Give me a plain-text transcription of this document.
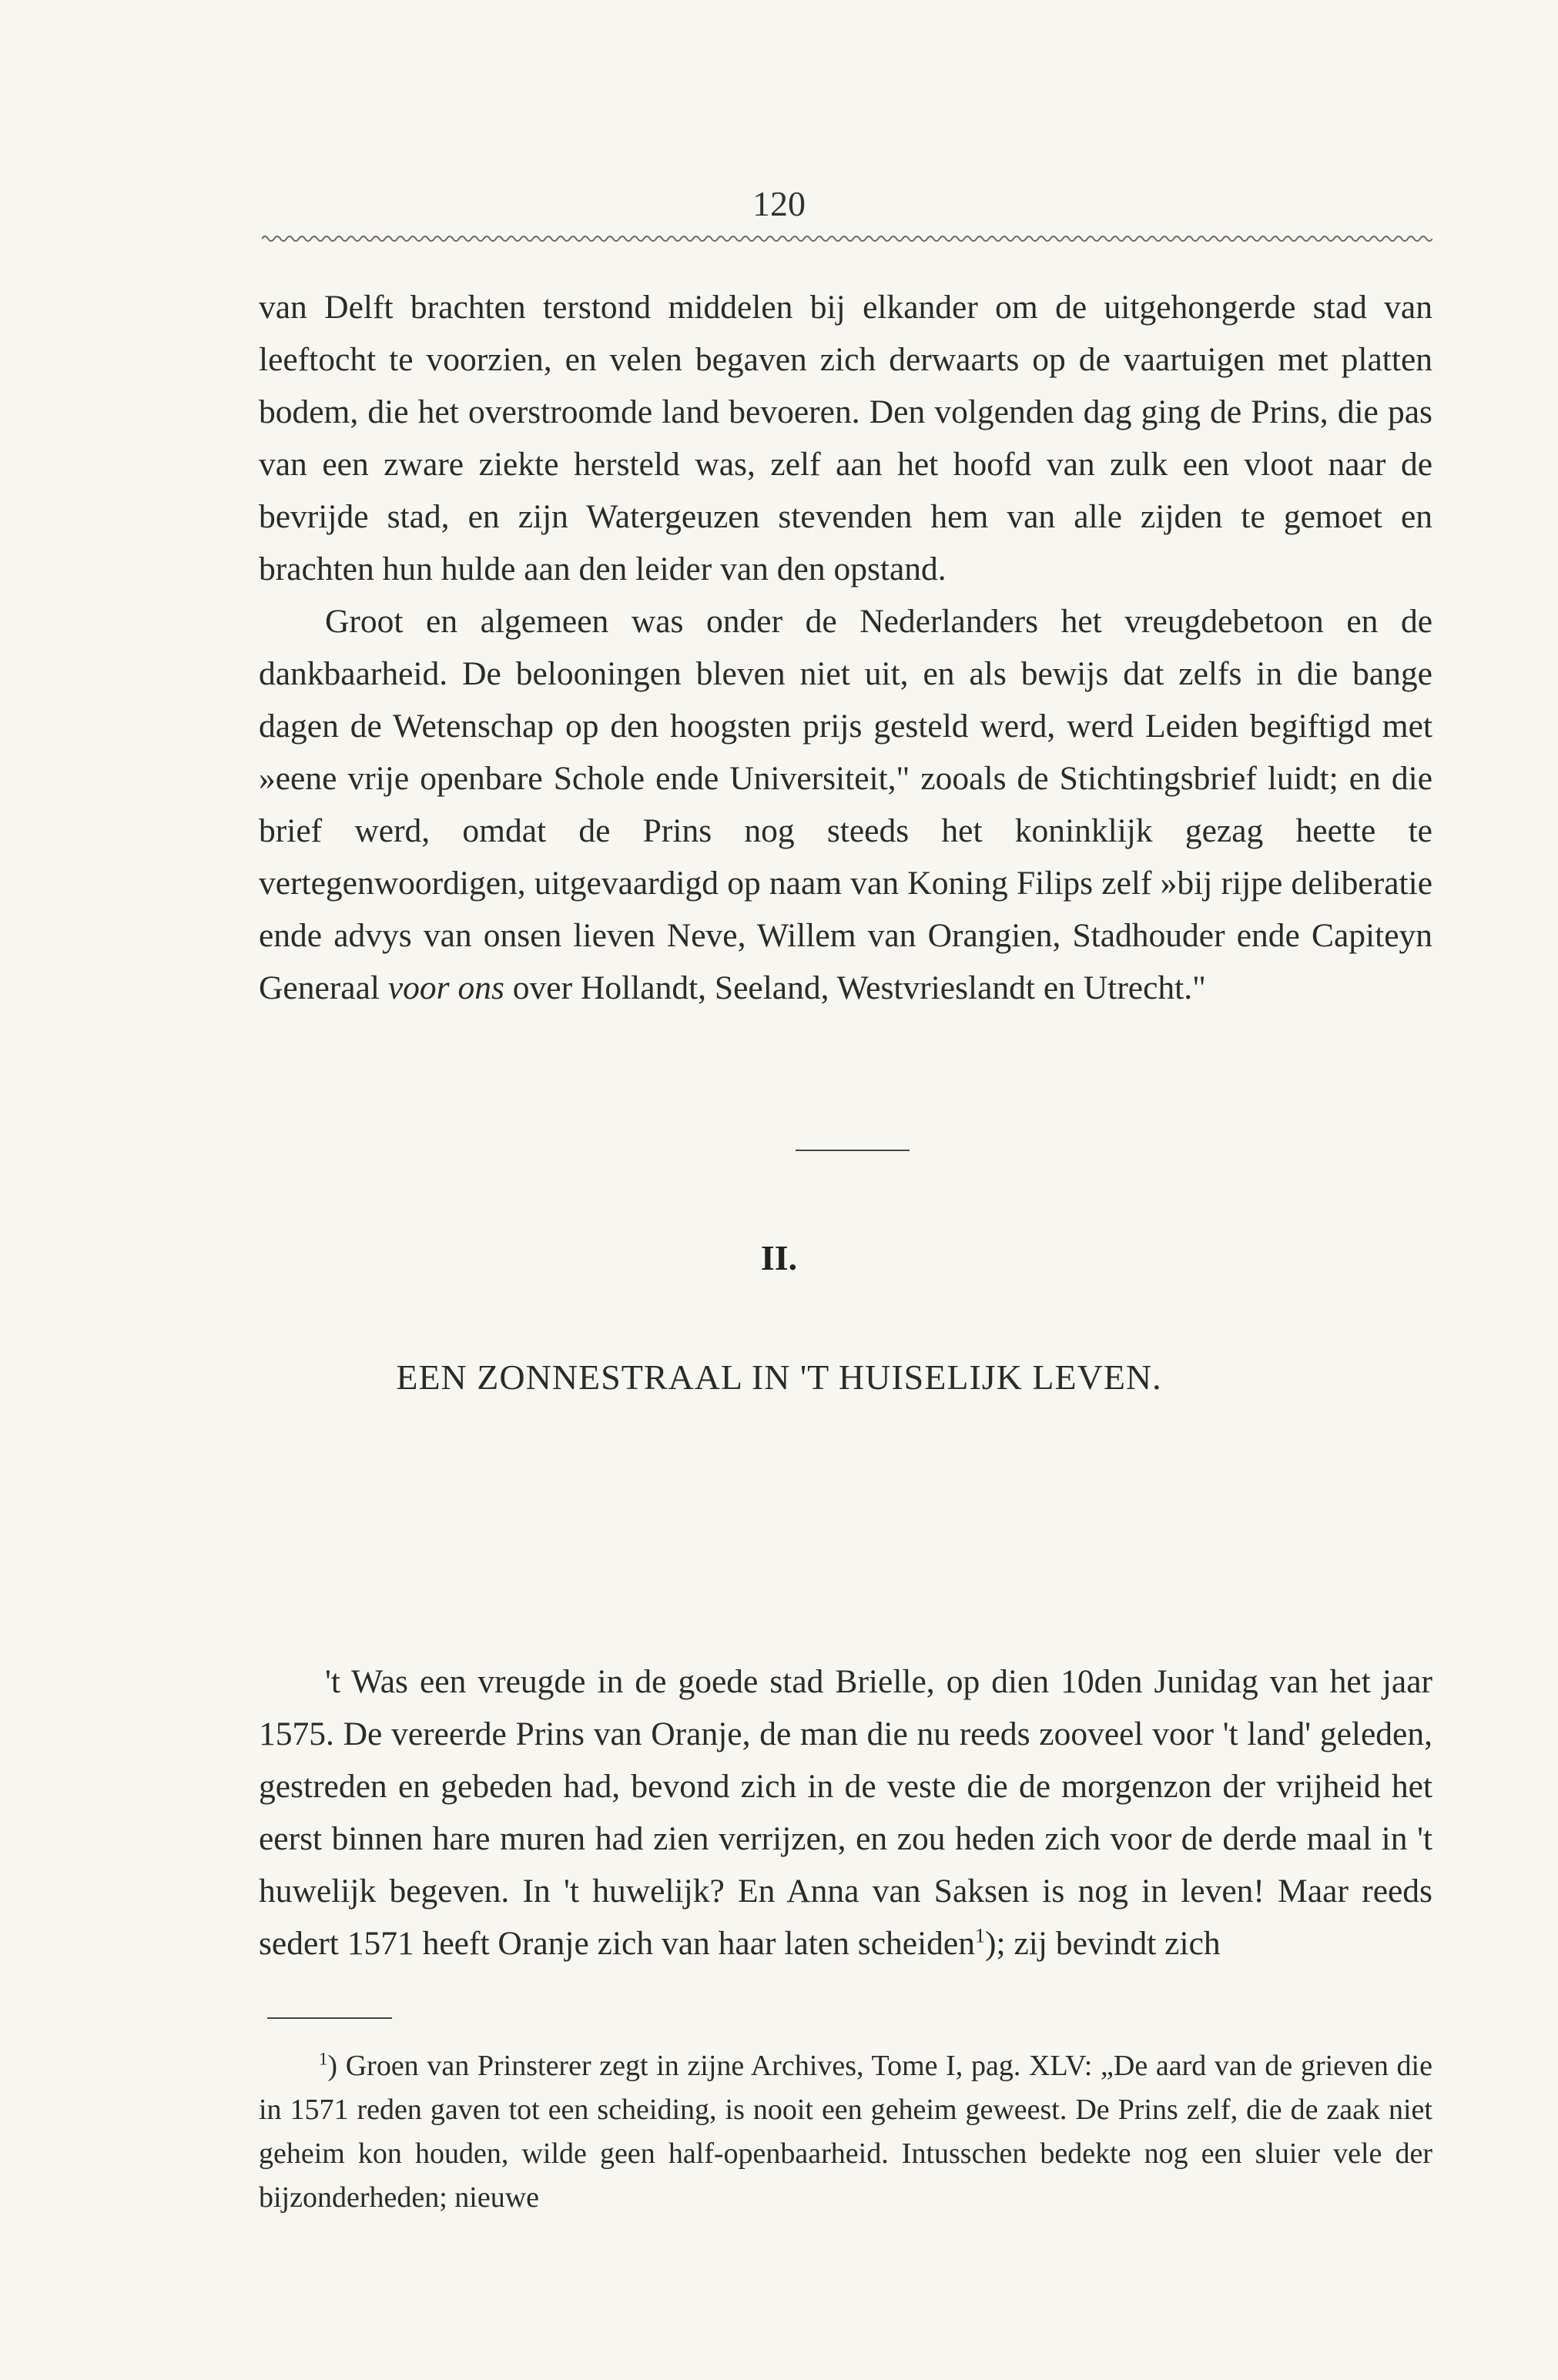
120

van Delft brachten terstond middelen bij elkander om de uitgehongerde stad van leeftocht te voorzien, en velen begaven zich derwaarts op de vaartuigen met platten bodem, die het overstroomde land bevoeren. Den volgenden dag ging de Prins, die pas van een zware ziekte hersteld was, zelf aan het hoofd van zulk een vloot naar de bevrijde stad, en zijn Watergeuzen stevenden hem van alle zijden te gemoet en brachten hun hulde aan den leider van den opstand.

Groot en algemeen was onder de Nederlanders het vreugdebetoon en de dankbaarheid. De belooningen bleven niet uit, en als bewijs dat zelfs in die bange dagen de Wetenschap op den hoogsten prijs gesteld werd, werd Leiden begiftigd met »eene vrije openbare Schole ende Universiteit," zooals de Stichtingsbrief luidt; en die brief werd, omdat de Prins nog steeds het koninklijk gezag heette te vertegenwoordigen, uitgevaardigd op naam van Koning Filips zelf »bij rijpe deliberatie ende advys van onsen lieven Neve, Willem van Orangien, Stadhouder ende Capiteyn Generaal voor ons over Hollandt, Seeland, Westvrieslandt en Utrecht."

II.
EEN ZONNESTRAAL IN 'T HUISELIJK LEVEN.

't Was een vreugde in de goede stad Brielle, op dien 10den Junidag van het jaar 1575. De vereerde Prins van Oranje, de man die nu reeds zooveel voor 't land' geleden, gestreden en gebeden had, bevond zich in de veste die de morgenzon der vrijheid het eerst binnen hare muren had zien verrijzen, en zou heden zich voor de derde maal in 't huwelijk begeven. In 't huwelijk? En Anna van Saksen is nog in leven! Maar reeds sedert 1571 heeft Oranje zich van haar laten scheiden$^1$); zij bevindt zich

$^1$) Groen van Prinsterer zegt in zijne Archives, Tome I, pag. XLV: „De aard van de grieven die in 1571 reden gaven tot een scheiding, is nooit een geheim geweest. De Prins zelf, die de zaak niet geheim kon houden, wilde geen half-openbaarheid. Intusschen bedekte nog een sluier vele der bijzonderheden; nieuwe
